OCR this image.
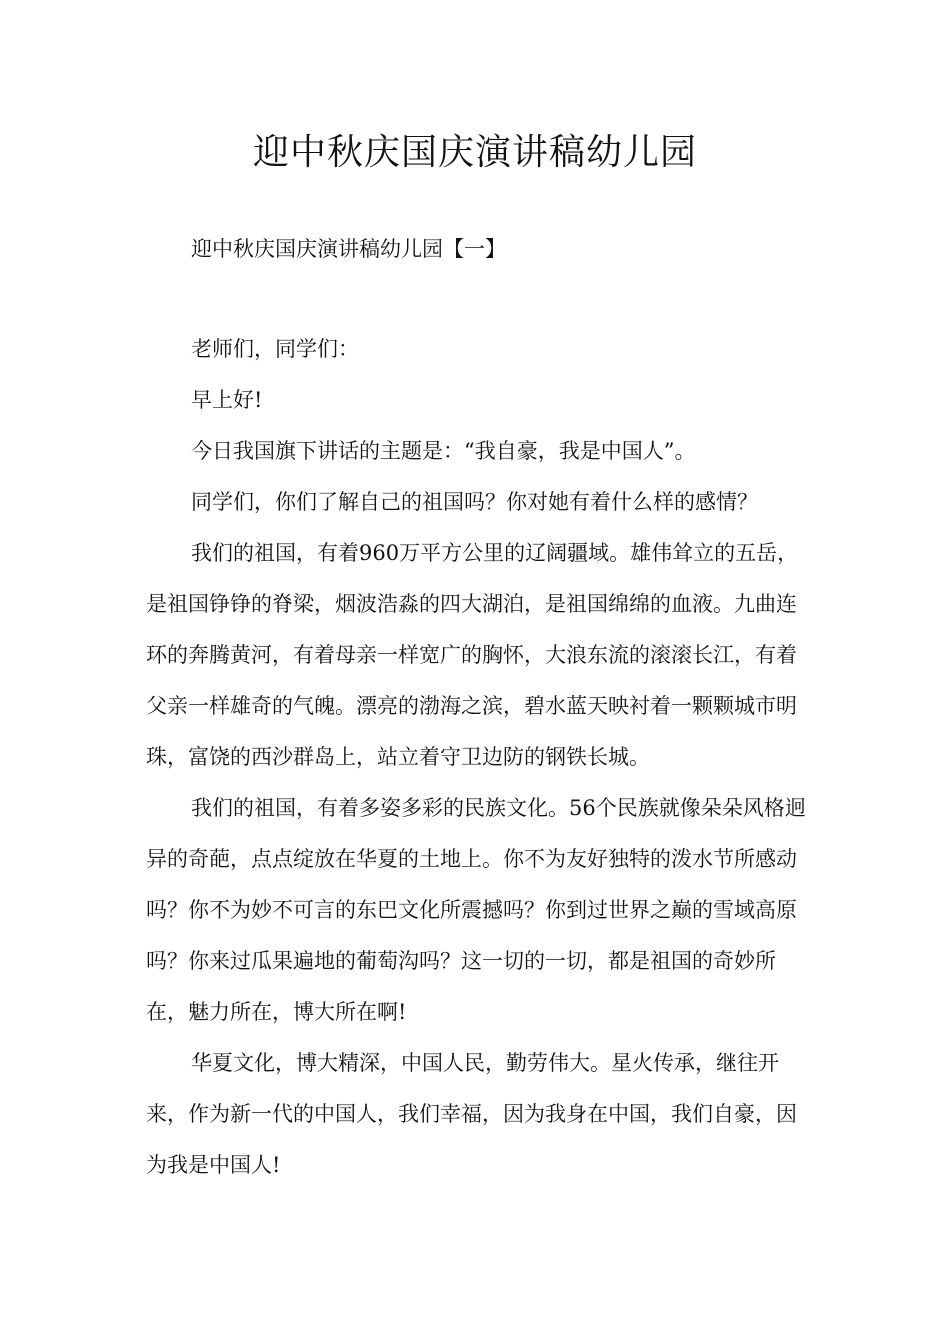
迎中秋庆国庆演讲稿幼儿园

迎中秋庆国庆演讲稿幼儿园【一】

老师们，同学们：

早上好!

今日我国旗下讲话的主题是：“我自豪，我是中国人”。

同学们，你们了解自己的祖国吗？你对她有着什么样的感情？

我们的祖国，有着960万平方公里的辽阔疆域。雄伟耸立的五岳，是祖国铮铮的脊梁，烟波浩淼的四大湖泊，是祖国绵绵的血液。九曲连环的奔腾黄河，有着母亲一样宽广的胸怀，大浪东流的滚滚长江，有着父亲一样雄奇的气魄。漂亮的渤海之滨，碧水蓝天映衬着一颗颗城市明珠，富饶的西沙群岛上，站立着守卫边防的钢铁长城。

我们的祖国，有着多姿多彩的民族文化。56个民族就像朵朵风格迥异的奇葩，点点绽放在华夏的土地上。你不为友好独特的泼水节所感动吗？你不为妙不可言的东巴文化所震撼吗？你到过世界之巅的雪域高原吗？你来过瓜果遍地的葡萄沟吗？这一切的一切，都是祖国的奇妙所在，魅力所在，博大所在啊!

华夏文化，博大精深，中国人民，勤劳伟大。星火传承，继往开来，作为新一代的中国人，我们幸福，因为我身在中国，我们自豪，因为我是中国人!
